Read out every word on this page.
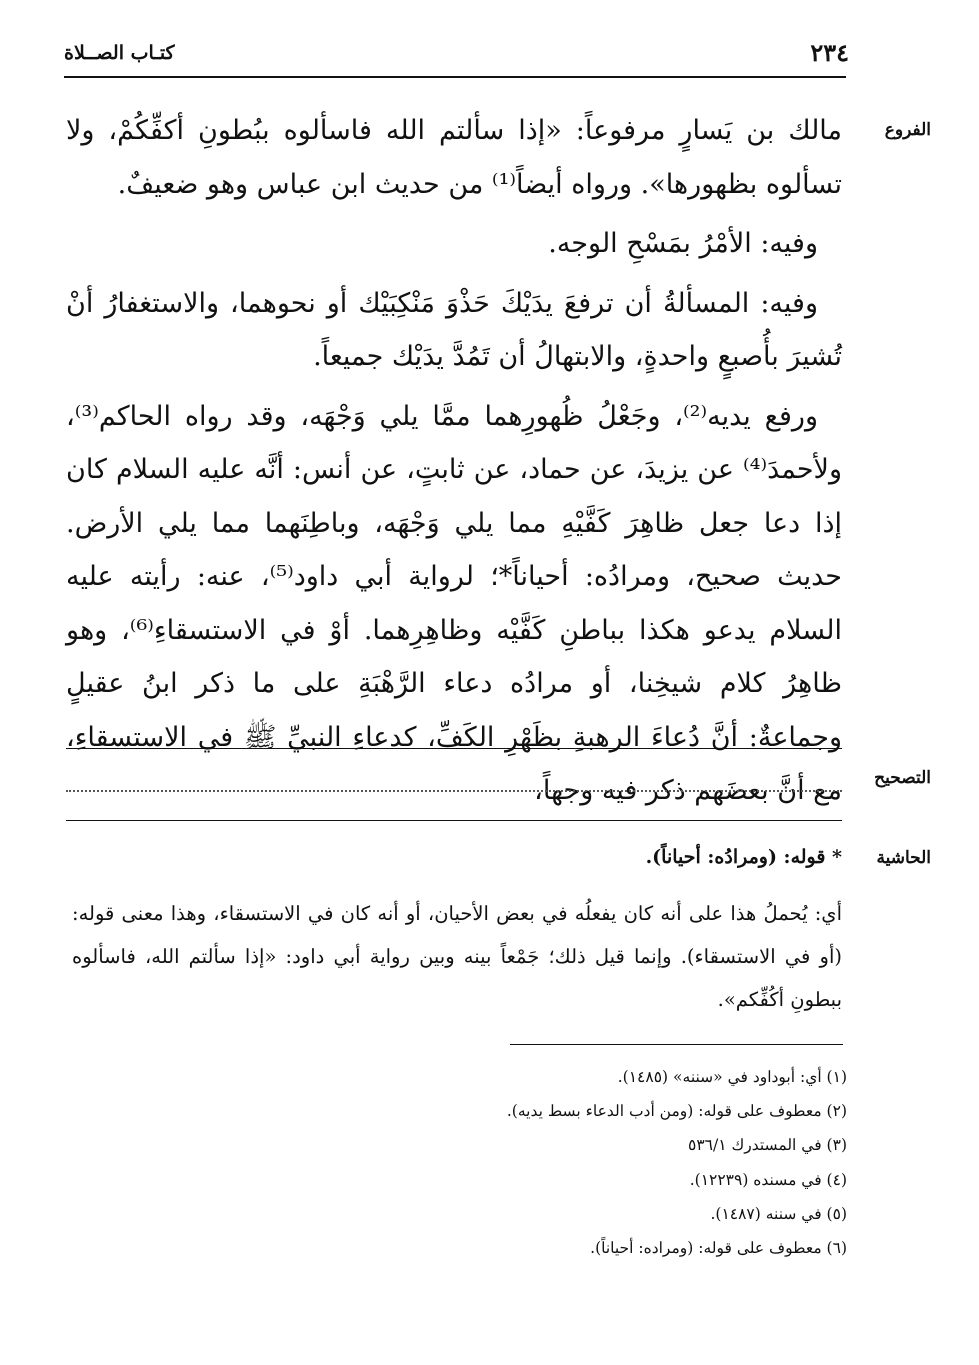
٢٣٤
كتـاب الصــلاة
الفروع

مالك بن يَسارٍ مرفوعاً: «إذا سألتم الله فاسألوه ببُطونِ أكفِّكُمْ، ولا تسألوه بظهورها». ورواه أيضاً⁽¹⁾ من حديث ابن عباس وهو ضعيفٌ.

وفيه: الأمْرُ بمَسْحِ الوجه.

وفيه: المسألةُ أن ترفعَ يدَيْكَ حَذْوَ مَنْكِبَيْك أو نحوهما، والاستغفارُ أنْ تُشيرَ بأُصبعٍ واحدةٍ، والابتهالُ أن تَمُدَّ يدَيْك جميعاً.

ورفع يديه⁽²⁾، وجَعْلُ ظُهورِهما ممَّا يلي وَجْهَه، وقد رواه الحاكم⁽³⁾، ولأحمدَ⁽⁴⁾ عن يزيدَ، عن حماد، عن ثابتٍ، عن أنس: أنَّه عليه السلام كان إذا دعا جعل ظاهِرَ كَفَّيْهِ مما يلي وَجْهَه، وباطِنَهما مما يلي الأرض. حديث صحيح، ومرادُه: أحياناً*؛ لرواية أبي داود⁽⁵⁾، عنه: رأيته عليه السلام يدعو هكذا بباطنِ كَفَّيْه وظاهِرِهما. أوْ في الاستسقاءِ⁽⁶⁾، وهو ظاهِرُ كلام شيخِنا، أو مرادُه دعاء الرَّهْبَةِ على ما ذكر ابنُ عقيلٍ وجماعةٌ: أنَّ دُعاءَ الرهبةِ بظَهْرِ الكَفِّ، كدعاءِ النبيِّ ﷺ في الاستسقاءِ، مع أنَّ بعضَهم ذكر فيه وجهاً،	التصحيح
الحاشية
* قوله: (ومرادُه: أحياناً).

أي: يُحملُ هذا على أنه كان يفعلُه في بعض الأحيان، أو أنه كان في الاستسقاء، وهذا معنى قوله: (أو في الاستسقاء). وإنما قيل ذلك؛ جَمْعاً بينه وبين رواية أبي داود: «إذا سألتم الله، فاسألوه ببطونِ أكُفِّكم».

(١) أي: أبوداود في «سننه» (١٤٨٥).
(٢) معطوف على قوله: (ومن أدب الدعاء بسط يديه).
(٣) في المستدرك ٥٣٦/١
(٤) في مسنده (١٢٢٣٩).
(٥) في سننه (١٤٨٧).
(٦) معطوف على قوله: (ومراده: أحياناً).
